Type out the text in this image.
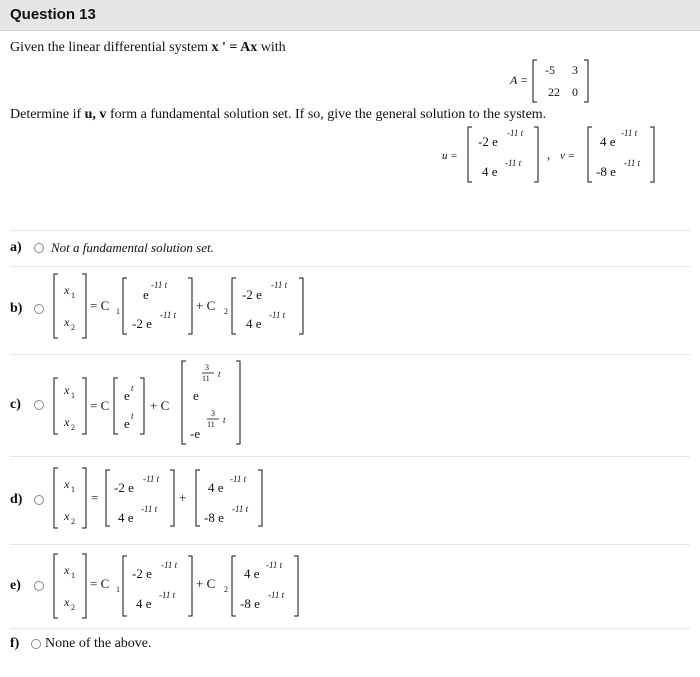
Question 13
Given the linear differential system x ' = Ax with
A =
-5 3
22 0
Determine if u, v form a fundamental solution set. If so, give the general solution to the system.
u =
-2 e
-11 t
4 e
-11 t
, v =
4 e
-11 t
-8 e
-11 t
a) Not a fundamental solution set.
b)
x 1
x 2
= C 1
e
-11 t
-2 e
-11 t
+ C 2
-2 e
-11 t
4 e
-11 t
c)
x 1
x 2
= C
e t
e t
+ C
e
3
11 t
-e
3
11 t
d)
x 1
x 2
=
-2 e
-11 t
4 e
-11 t
+
4 e
-11 t
-8 e
-11 t
e)
x 1
x 2
= C 1
-2 e
-11 t
4 e
-11 t
+ C 2
4 e
-11 t
-8 e
-11 t
f) None of the above.
